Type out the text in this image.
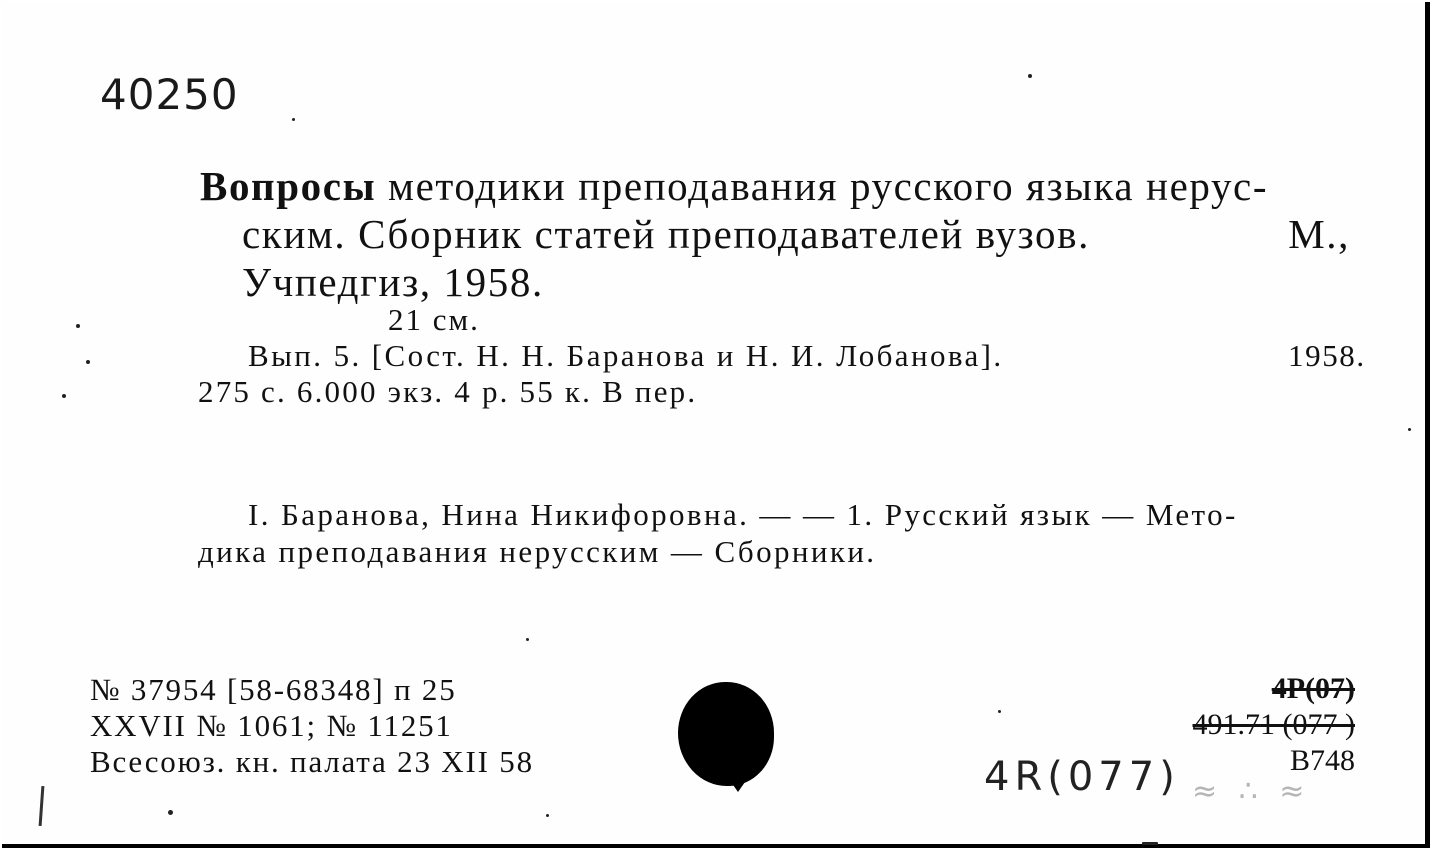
40250
Вопросы методики преподавания русского языка нерус-
ским. Сборник статей преподавателей вузов.	М.,
Учпедгиз, 1958.
21 см.
Вып. 5. [Сост. Н. Н. Баранова и Н. И. Лобанова].	1958.
275 с. 6.000 экз. 4 р. 55 к. В пер.
I. Баранова, Нина Никифоровна. — — 1. Русский язык — Мето-
дика преподавания нерусским — Сборники.
№ 37954 [58-68348] п 25
XXVII № 1061; № 11251
Всесоюз. кн. палата 23 XII 58
4Р(07)
491.71 (077 )
В748
4R(077) ≈ ∴ ≈
